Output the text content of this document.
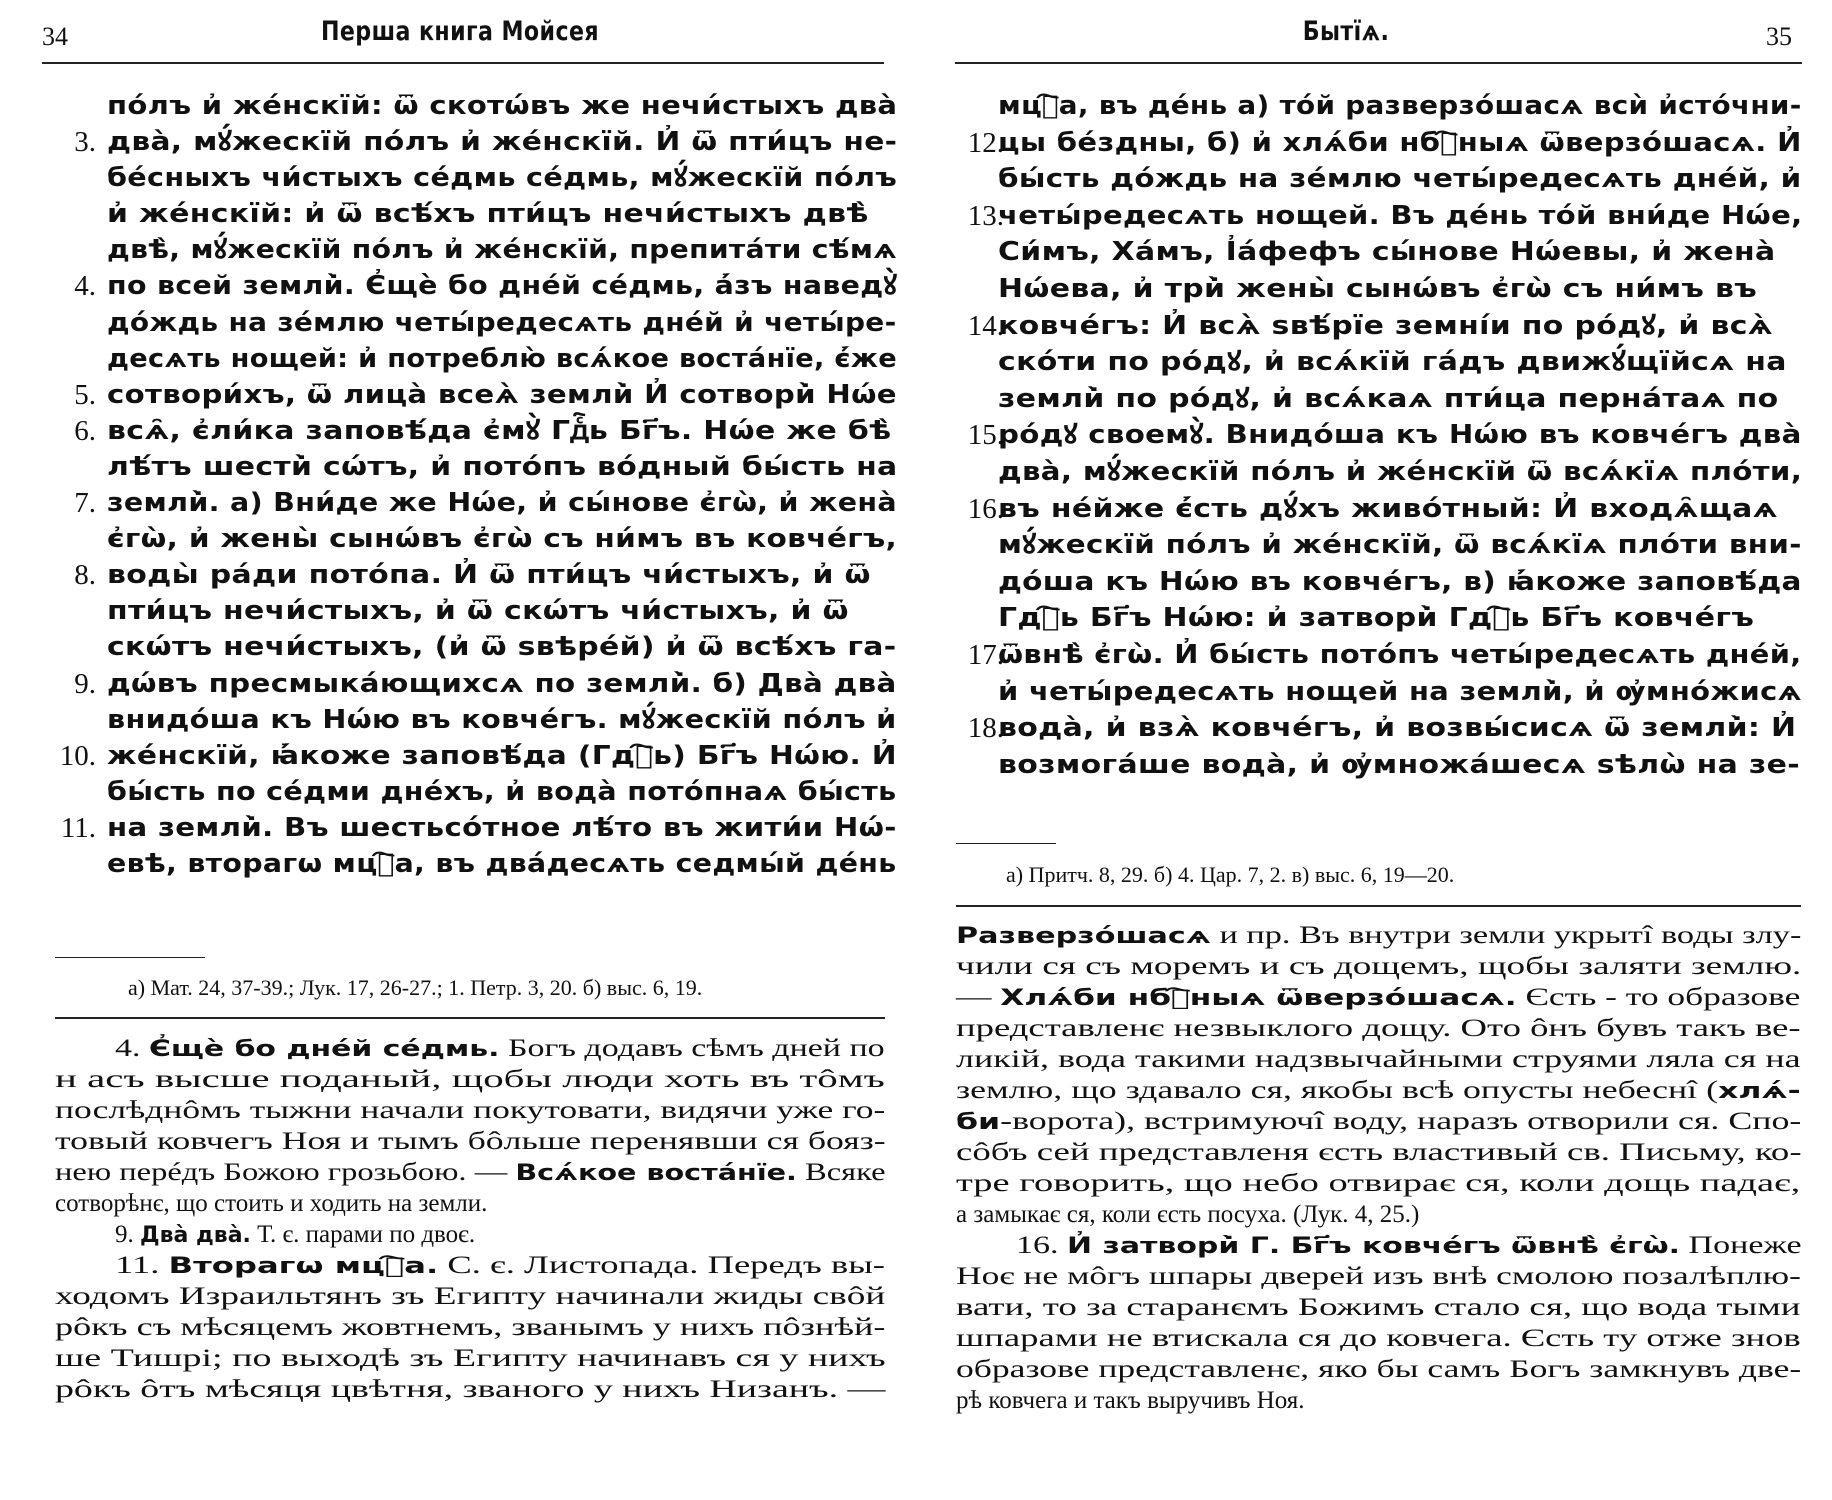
34	Перша книга Мойсея
по́лъ и҆ же́нскїй: ѿ скотѡ́въ же нечи́стыхъ два̀
3. два̀, мꙋ́жескїй по́лъ и҆ же́нскїй. И҆ ѿ пти́цъ не-
бе́сныхъ чи́стыхъ се́дмь се́дмь, мꙋ́жескїй по́лъ
и҆ же́нскїй: и҆ ѿ всѣ́хъ пти́цъ нечи́стыхъ двѣ̀
двѣ̀, мꙋ́жескїй по́лъ и҆ же́нскїй, препита́ти сѣ́мѧ
4. по всей земли̇̀. Є҆щѐ бо дне́й се́дмь, а҆́зъ наведꙋ̀
до́ждь на зе́млю четы́редесѧть дне́й и҆ четы́ре-
десѧть нощей: и҆ потреблю̀ всѧ́кое воста́нїе, є҆́же
5. сотвори́хъ, ѿ лица̀ всеѧ̀ земли̇̀ И҆ сотвори̇̀ Нѡ́е
6. всѧ̑, є҆ли́ка заповѣ́да є҆мꙋ̀ Гдⷭ҇ь Бг҃ъ. Нѡ́е же бѣ̀
лѣ́тъ шести̇̀ сѡ́тъ, и҆ пото́пъ во́дный бы́сть на
7. земли̇̀. а) Вни́де же Нѡ́е, и҆ сы́нове є҆гѡ̀, и҆ жена̀
є҆гѡ̀, и҆ жены̀ сынѡ́въ є҆гѡ̀ съ ни́мъ въ ковче́гъ,
8. воды̀ ра́ди пото́па. И҆ ѿ пти́цъ чи́стыхъ, и҆ ѿ
пти́цъ нечи́стыхъ, и҆ ѿ скѡ́тъ чи́стыхъ, и҆ ѿ
скѡ́тъ нечи́стыхъ, (и҆ ѿ ѕвѣре́й) и҆ ѿ всѣ́хъ га-
9. дѡ́въ пресмыка́ющихсѧ по земли̇̀. б) Два̀ два̀
внидо́ша къ Нѡ́ю въ ковче́гъ. мꙋ́жескїй по́лъ и҆
10. же́нскїй, ꙗ҆́коже заповѣ́да (Гдⷭ҇ь) Бг҃ъ Нѡ́ю. И҆
бы́сть по се́дми дне́хъ, и҆ вода̀ пото́пнаѧ бы́сть
11. на земли̇̀. Въ шестьсо́тное лѣ́то въ жити́и Нѡ́-
евѣ, вторагѡ мцⷭ҇а, въ два́десѧть седмы́й де́нь
а) Мат. 24, 37-39.; Лук. 17, 26-27.; 1. Петр. 3, 20. б) выс. 6, 19.
4. Є҆щѐ бо дне́й се́дмь. Богъ додавъ сѣмъ дней по
н асъ высше поданый, щобы люди хоть въ тôмъ
послѣднôмъ тыжни начали покутовати, видячи уже го-
товый ковчегъ Ноя и тымъ бôльше перенявши ся бояз-
нею перéдъ Божою грозьбою. — Всѧ́кое воста́нїе. Всяке
сотворѣнє, що стоить и ходить на земли.
9. Два̀ два̀. Т. є. парами по двоє.
11. Вторагѡ мцⷭ҇а. С. є. Листопада. Передъ вы-
ходомъ Израильтянъ зъ Египту начинали жиды свôй
рôкъ съ мѣсяцемъ жовтнемъ, званымъ у нихъ пôзнѣй-
ше Тишрі; по выходѣ зъ Египту начинавъ ся у нихъ
рôкъ ôтъ мѣсяця цвѣтня, званого у нихъ Низанъ. —
Бытїѧ.	35
мцⷭ҇а, въ де́нь а) то́й разверзо́шасѧ всѝ и҆сто́чни-
12.
цы бе́здны, б) и҆ хлѧ́би нбⷭ҇ныѧ ѿверзо́шасѧ. И҆
бы́сть до́ждь на зе́млю четы́редесѧть дне́й, и҆
13.
четы́редесѧть нощей. Въ де́нь то́й вни́де Нѡ́е,
Си́мъ, Ха́мъ, І҆а́фефъ сы́нове Нѡ́евы, и҆ жена̀
Нѡ́ева, и҆ три̇̀ жены̀ сынѡ́въ є҆гѡ̀ съ ни́мъ въ
14.
ковче́гъ: И҆ всѧ̀ ѕвѣ́рїе земні́и по ро́дꙋ, и҆ всѧ̀
ско́ти по ро́дꙋ, и҆ всѧ́кїй га́дъ движꙋ́щїйсѧ на
земли̇̀ по ро́дꙋ, и҆ всѧ́каѧ пти́ца перна́таѧ по
15.
ро́дꙋ своемꙋ̀. Внидо́ша къ Нѡ́ю въ ковче́гъ два̀
два̀, мꙋ́жескїй по́лъ и҆ же́нскїй ѿ всѧ́кїѧ пло́ти,
16.
въ не́йже є҆́сть дꙋ́хъ живо́тный: И҆ входѧ̑щаѧ
мꙋ́жескїй по́лъ и҆ же́нскїй, ѿ всѧ́кїѧ пло́ти вни-
до́ша къ Нѡ́ю въ ковче́гъ, в) ꙗ҆́коже заповѣ́да
Гдⷭ҇ь Бг҃ъ Нѡ́ю: и҆ затвори̇̀ Гдⷭ҇ь Бг҃ъ ковче́гъ
17.
ѿвнѣ̀ є҆гѡ̀. И҆ бы́сть пото́пъ четы́редесѧть дне́й,
и҆ четы́редесѧть нощей на земли̇̀, и҆ ѹ҆мно́жисѧ
18.
вода̀, и҆ взѧ̀ ковче́гъ, и҆ возвы́сисѧ ѿ земли̇̀: И҆
возмога́ше вода̀, и҆ ѹ҆множа́шесѧ ѕѣлѡ̀ на зе-
а) Притч. 8, 29. б) 4. Цар. 7, 2. в) выс. 6, 19—20.
Разверзо́шасѧ и пр. Въ внутри земли укрытî воды злу-
чили ся съ моремъ и съ дощемъ, щобы заляти землю.
— Хлѧ́би нбⷭ҇ныѧ ѿверзо́шасѧ. Єсть - то образове
представленє незвыклого дощу. Ото ôнъ бувъ такъ ве-
ликій, вода такими надзвычайными струями ляла ся на
землю, що здавало ся, якобы всѣ опусты небеснî (хлѧ́-
би-ворота), встримуючî воду, наразъ отворили ся. Спо-
сôбъ сей представленя єсть властивый св. Письму, ко-
тре говорить, що небо отвирає ся, коли дощь падає,
а замыкає ся, коли єсть посуха. (Лук. 4, 25.)
16. И҆ затвори̇̀ Г. Бг҃ъ ковче́гъ ѿвнѣ̀ є҆гѡ̀. Понеже
Ноє не мôгъ шпары дверей изъ внѣ смолою позалѣплю-
вати, то за старанємъ Божимъ стало ся, що вода тыми
шпарами не втискала ся до ковчега. Єсть ту отже знов
образове представленє, яко бы самъ Богъ замкнувъ две-
рѣ ковчега и такъ выручивъ Ноя.
